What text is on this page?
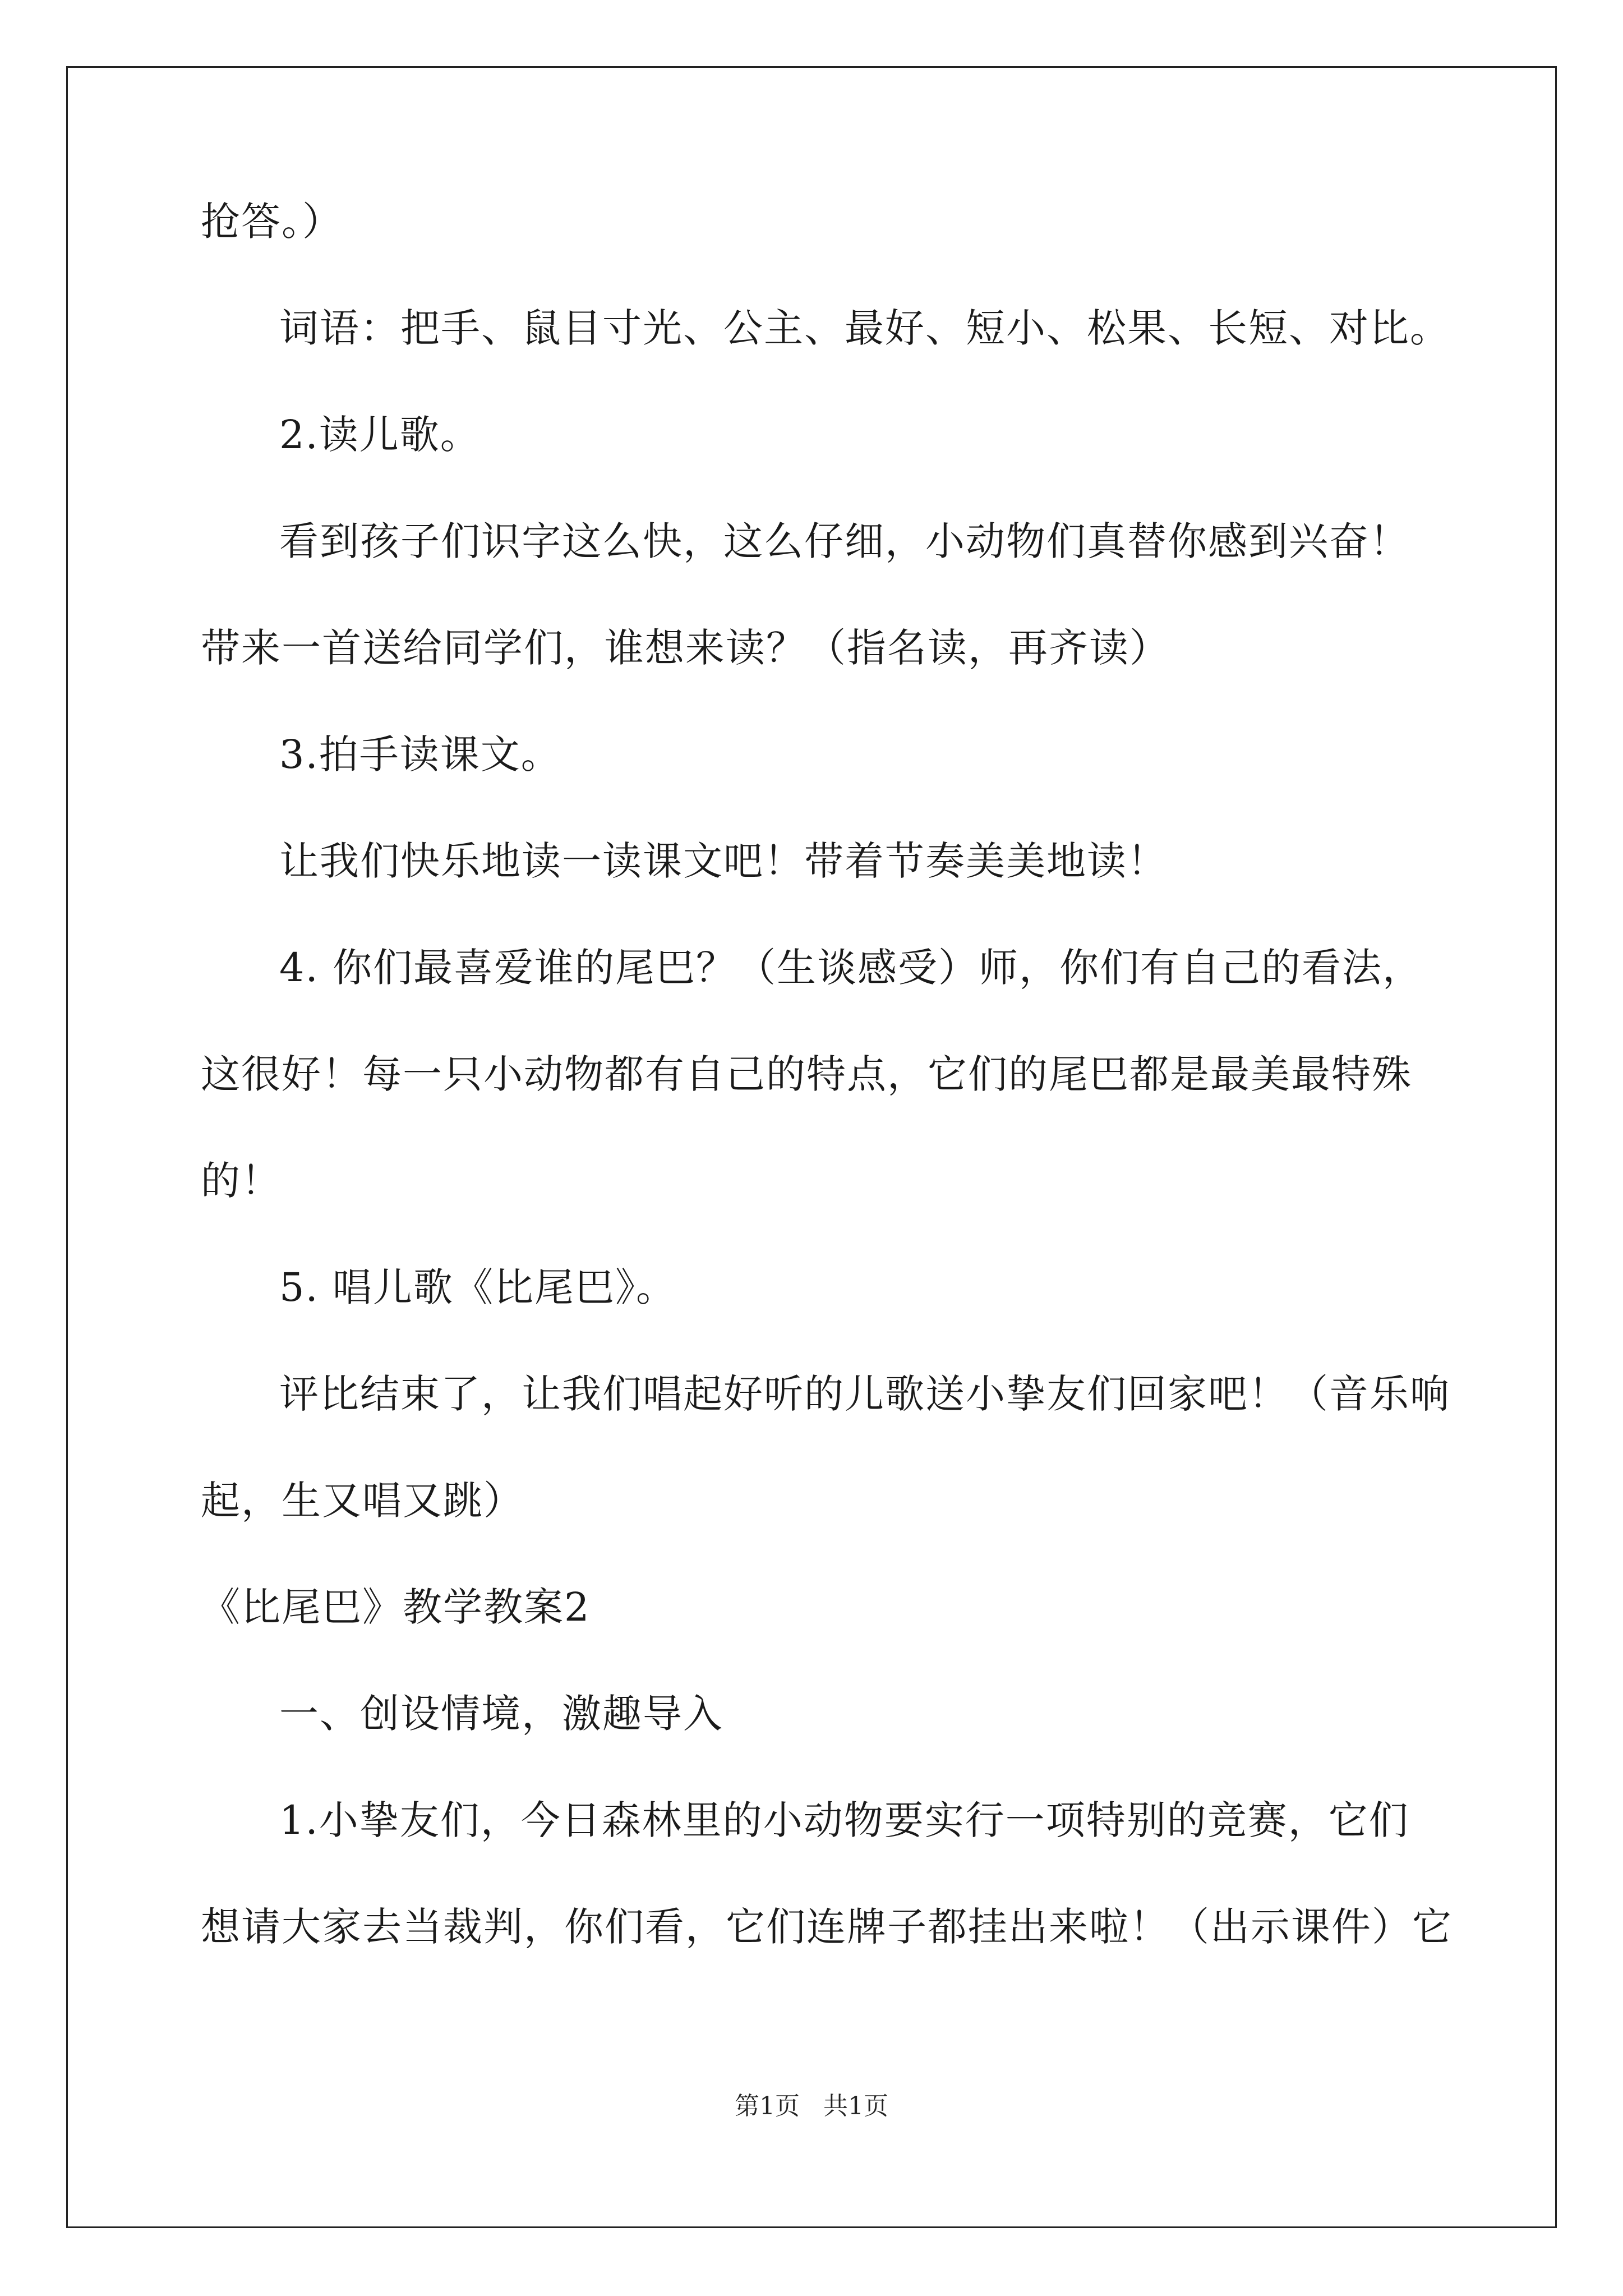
抢答。）
词语：把手、鼠目寸光、公主、最好、短小、松果、长短、对比。
2.读儿歌。
看到孩子们识字这么快，这么仔细，小动物们真替你感到兴奋！
带来一首送给同学们，谁想来读？（指名读，再齐读）
3.拍手读课文。
让我们快乐地读一读课文吧！带着节奏美美地读！
4. 你们最喜爱谁的尾巴？（生谈感受）师，你们有自己的看法，
这很好！每一只小动物都有自己的特点，它们的尾巴都是最美最特殊
的！
5. 唱儿歌《比尾巴》。
评比结束了，让我们唱起好听的儿歌送小挚友们回家吧！（音乐响
起，生又唱又跳）
《比尾巴》教学教案2
一、创设情境，激趣导入
1.小挚友们，今日森林里的小动物要实行一项特别的竞赛，它们
想请大家去当裁判，你们看，它们连牌子都挂出来啦！（出示课件）它
第1页 共1页
